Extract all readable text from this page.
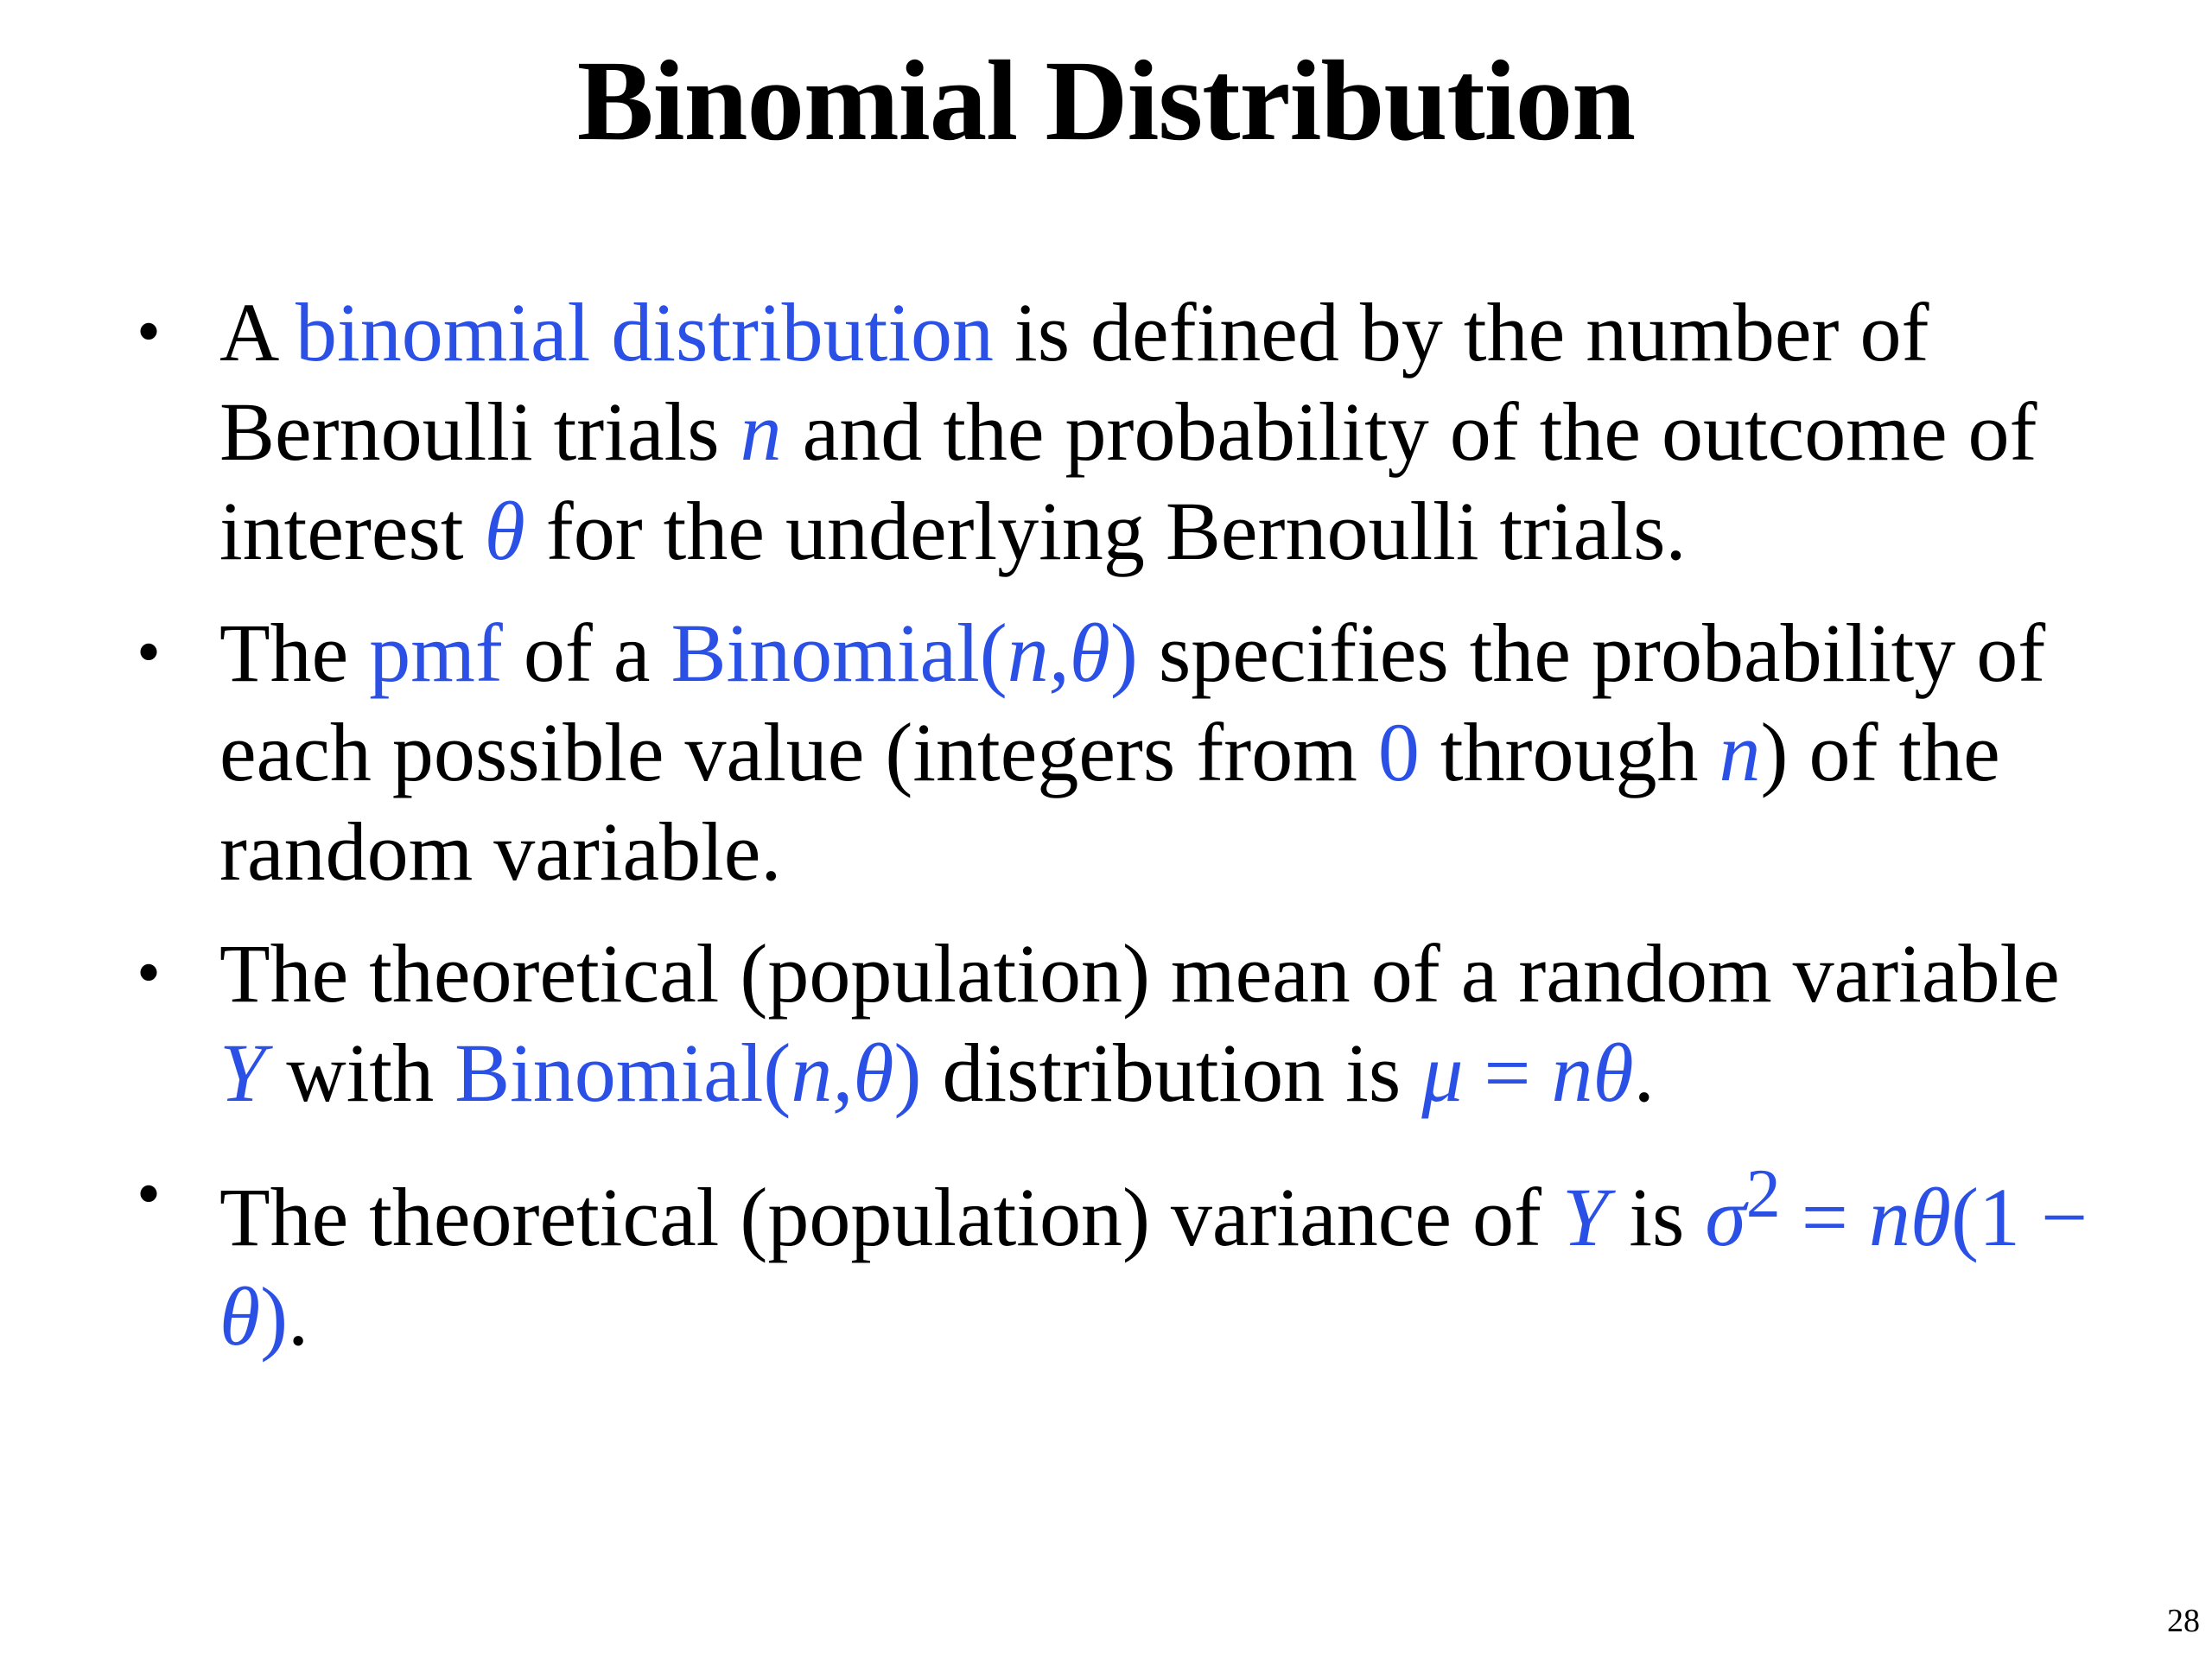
Binomial Distribution
• A binomial distribution is defined by the number of Bernoulli trials n and the probability of the outcome of interest θ for the underlying Bernoulli trials.
• The pmf of a Binomial(n,θ) specifies the probability of each possible value (integers from 0 through n) of the random variable.
• The theoretical (population) mean of a random variable Y with Binomial(n,θ) distribution is μ = nθ.
• The theoretical (population) variance of Y is $\sigma^2 = n\theta(1 - \theta)$.
28
